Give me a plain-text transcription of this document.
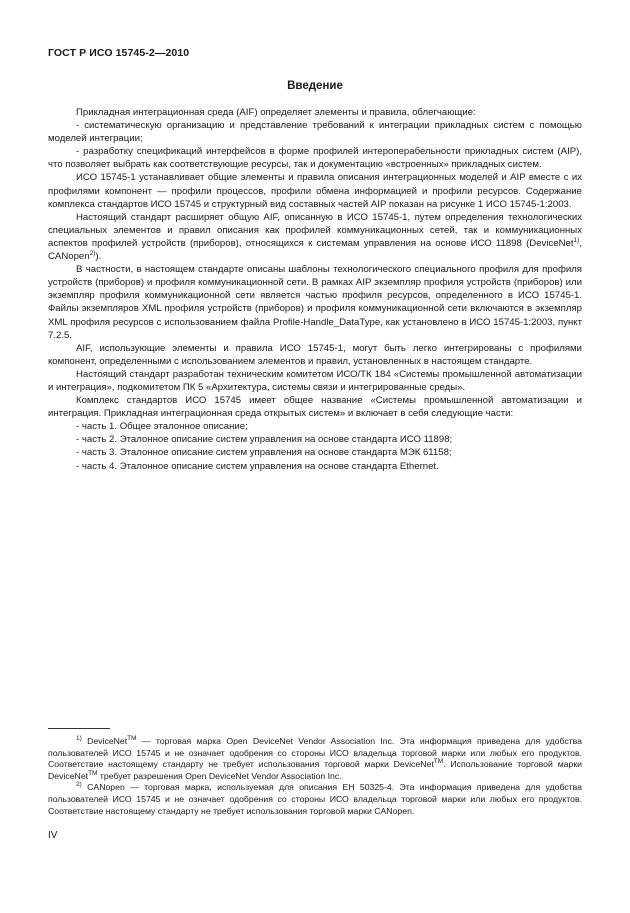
ГОСТ Р ИСО 15745-2—2010
Введение

Прикладная интеграционная среда (AIF) определяет элементы и правила, облегчающие:

- систематическую организацию и представление требований к интеграции прикладных систем с помощью моделей интеграции;

- разработку спецификаций интерфейсов в форме профилей интероперабельности прикладных систем (AIP), что позволяет выбрать как соответствующие ресурсы, так и документацию «встроенных» прикладных систем.

ИСО 15745-1 устанавливает общие элементы и правила описания интеграционных моделей и AIP вместе с их профилями компонент — профили процессов, профили обмена информацией и профили ресурсов. Содержание комплекса стандартов ИСО 15745 и структурный вид составных частей AIP показан на рисунке 1 ИСО 15745-1:2003.

Настоящий стандарт расширяет общую AIF, описанную в ИСО 15745-1, путем определения технологических специальных элементов и правил описания как профилей коммуникационных сетей, так и коммуникационных аспектов профилей устройств (приборов), относящихся к системам управления на основе ИСО 11898 (DeviceNet$^{1)}$, CANopen$^{2)}$).

В частности, в настоящем стандарте описаны шаблоны технологического специального профиля для профиля устройств (приборов) и профиля коммуникационной сети. В рамках AIP экземпляр профиля устройств (приборов) или экземпляр профиля коммуникационной сети является частью профиля ресурсов, определенного в ИСО 15745-1. Файлы экземпляров XML профиля устройств (приборов) и профиля коммуникационной сети включаются в экземпляр XML профиля ресурсов с использованием файла Profile-Handle_DataType, как установлено в ИСО 15745-1:2003, пункт 7.2.5.

AIF, использующие элементы и правила ИСО 15745-1, могут быть легко интегрированы с профилями компонент, определенными с использованием элементов и правил, установленных в настоящем стандарте.

Настоящий стандарт разработан техническим комитетом ИСО/ТК 184 «Системы промышленной автоматизации и интеграция», подкомитетом ПК 5 «Архитектура, системы связи и интегрированные среды».

Комплекс стандартов ИСО 15745 имеет общее название «Системы промышленной автоматизации и интеграция. Прикладная интеграционная среда открытых систем» и включает в себя следующие части:

- часть 1. Общее эталонное описание;

- часть 2. Эталонное описание систем управления на основе стандарта ИСО 11898;

- часть 3. Эталонное описание систем управления на основе стандарта МЭК 61158;

- часть 4. Эталонное описание систем управления на основе стандарта Ethernet.

$^{1)}$ DeviceNet™ — торговая марка Open DeviceNet Vendor Association Inc. Эта информация приведена для удобства пользователей ИСО 15745 и не означает одобрения со стороны ИСО владельца торговой марки или любых его продуктов. Соответствие настоящему стандарту не требует использования торговой марки DeviceNet™. Использование торговой марки DeviceNet™ требует разрешения Open DeviceNet Vendor Association Inc.

$^{2)}$ CANopen — торговая марка, используемая для описания EH 50325-4. Эта информация приведена для удобства пользователей ИСО 15745 и не означает одобрения со стороны ИСО владельца торговой марки или любых его продуктов. Соответствие настоящему стандарту не требует использования торговой марки CANopen.

IV
